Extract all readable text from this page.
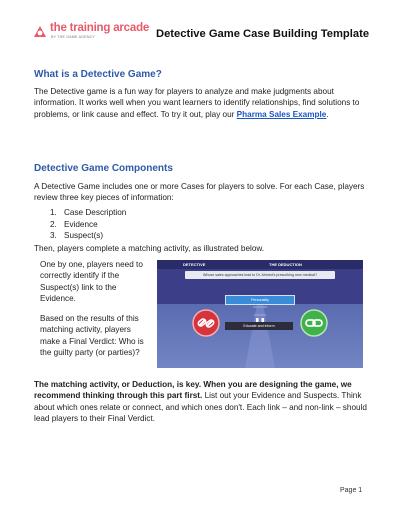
the training arcade
BY THE GAME AGENCY	Detective Game Case Building Template
What is a Detective Game?
The Detective game is a fun way for players to analyze and make judgments about information. It works well when you want learners to identify relationships, find solutions to problems, or link cause and effect. To try it out, play our Pharma Sales Example.
Detective Game Components
A Detective Game includes one or more Cases for players to solve. For each Case, players review three key pieces of information:
1. Case Description
2. Evidence
3. Suspect(s)
Then, players complete a matching activity, as illustrated below.
One by one, players need to correctly identify if the Suspect(s) link to the Evidence.
Based on the results of this matching activity, players make a Final Verdict: Who is the guilty party (or parties)?
DETECTIVE	THE DEDUCTION
Whose sales approaches lead to Dr. Ahmed's prescribing new medical?
Personality
Educate and inform
The matching activity, or Deduction, is key. When you are designing the game, we recommend thinking through this part first. List out your Evidence and Suspects. Think about which ones relate or connect, and which ones don't. Each link – and non-link – should lead players to their Final Verdict.
Page 1
